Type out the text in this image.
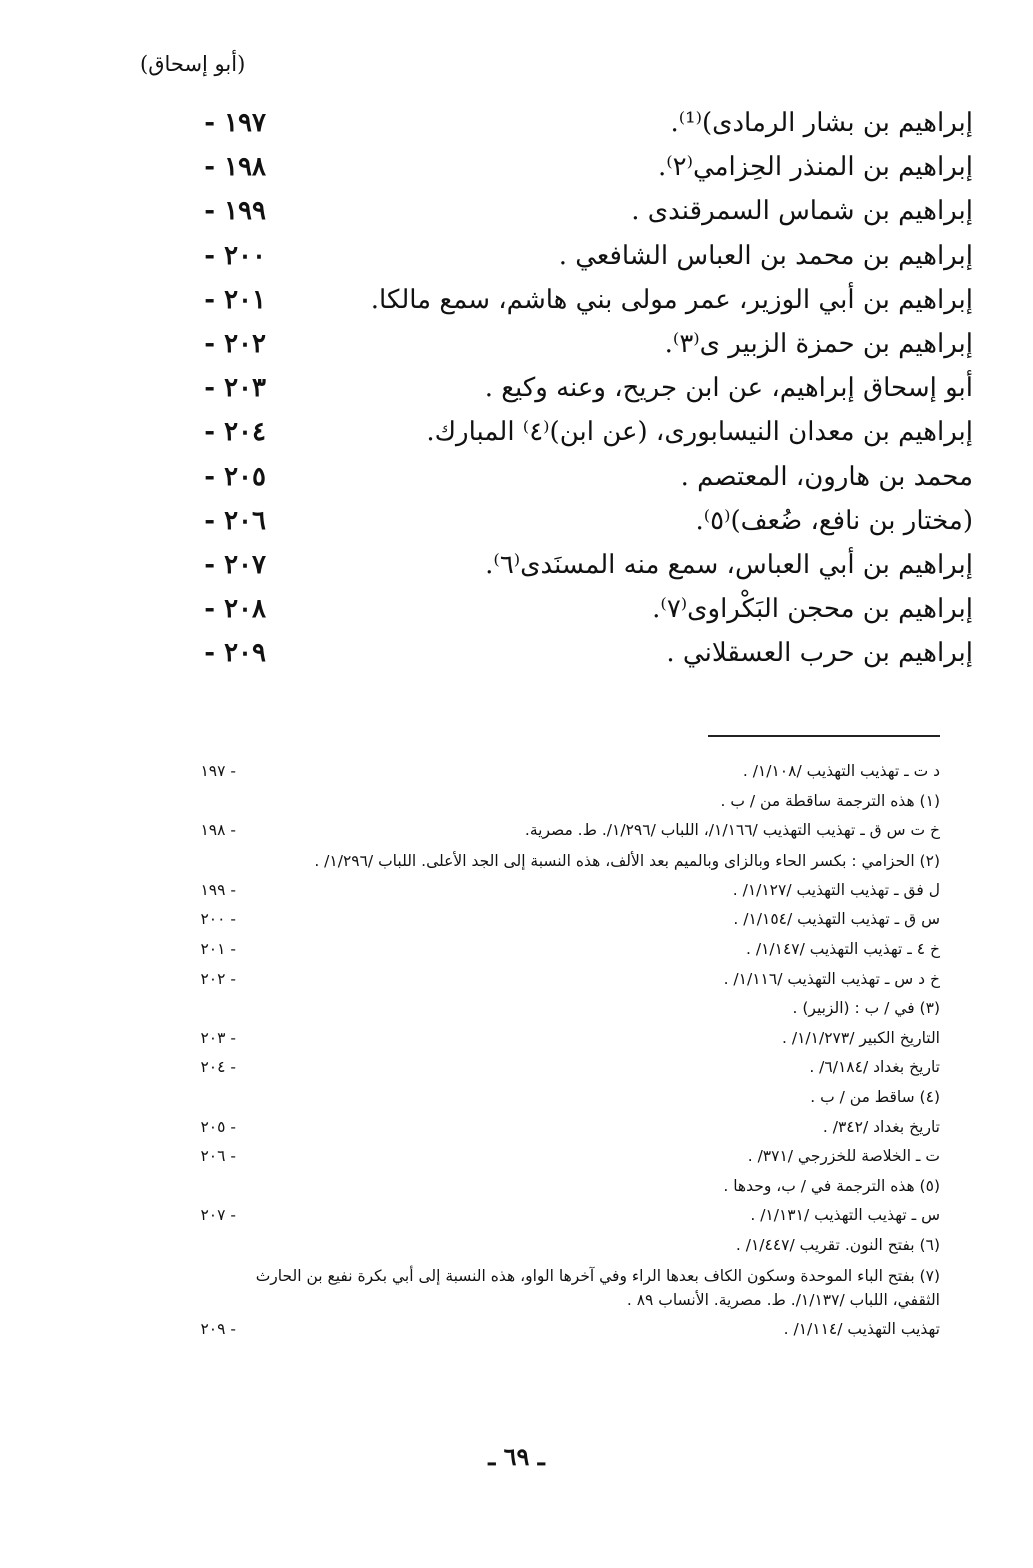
(أبو إسحاق)
١٩٧ -	إبراهيم بن بشار الرمادى)⁽¹⁾.
١٩٨ -	إبراهيم بن المنذر الحِزامي⁽٢⁾.
١٩٩ -	إبراهيم بن شماس السمرقندى .
٢٠٠ -	إبراهيم بن محمد بن العباس الشافعي .
٢٠١ -	إبراهيم بن أبي الوزير، عمر مولى بني هاشم، سمع مالكا.
٢٠٢ -	إبراهيم بن حمزة الزبير ى⁽٣⁾.
٢٠٣ -	أبو إسحاق إبراهيم، عن ابن جريح، وعنه وكيع .
٢٠٤ -	إبراهيم بن معدان النيسابورى، (عن ابن)⁽٤⁾ المبارك.
٢٠٥ -	محمد بن هارون، المعتصم .
٢٠٦ -	(مختار بن نافع، ضُعف)⁽٥⁾.
٢٠٧ -	إبراهيم بن أبي العباس، سمع منه المسنَدى⁽٦⁾.
٢٠٨ -	إبراهيم بن محجن البَكْراوى⁽٧⁾.
٢٠٩ -	إبراهيم بن حرب العسقلاني .
- ١٩٧	د ت ـ تهذيب التهذيب /١/١٠٨/ .
(١) هذه الترجمة ساقطة من / ب .
- ١٩٨	خ ت س ق ـ تهذيب التهذيب /١/١٦٦/، اللباب /١/٢٩٦/. ط. مصرية.
(٢) الحزامي : بكسر الحاء وبالزاى وبالميم بعد الألف، هذه النسبة إلى الجد الأعلى. اللباب /١/٢٩٦/ .
- ١٩٩	ل فق ـ تهذيب التهذيب /١/١٢٧/ .
- ٢٠٠	س ق ـ تهذيب التهذيب /١/١٥٤/ .
- ٢٠١	خ ٤ ـ تهذيب التهذيب /١/١٤٧/ .
- ٢٠٢	خ د س ـ تهذيب التهذيب /١/١١٦/ .
(٣) في / ب : (الزبير) .
- ٢٠٣	التاريخ الكبير /١/١/٢٧٣/ .
- ٢٠٤	تاريخ بغداد /٦/١٨٤/ .
(٤) ساقط من / ب .
- ٢٠٥	تاريخ بغداد /٣٤٢/ .
- ٢٠٦	ت ـ الخلاصة للخزرجي /٣٧١/ .
(٥) هذه الترجمة في / ب، وحدها .
- ٢٠٧	س ـ تهذيب التهذيب /١/١٣١/ .
(٦) بفتح النون. تقريب /١/٤٤٧/ .
(٧) بفتح الباء الموحدة وسكون الكاف بعدها الراء وفي آخرها الواو، هذه النسبة إلى أبي بكرة نفيع بن الحارث الثقفي، اللباب /١/١٣٧/. ط. مصرية. الأنساب ٨٩ .
- ٢٠٩	تهذيب التهذيب /١/١١٤/ .
ـ ٦٩ ـ
